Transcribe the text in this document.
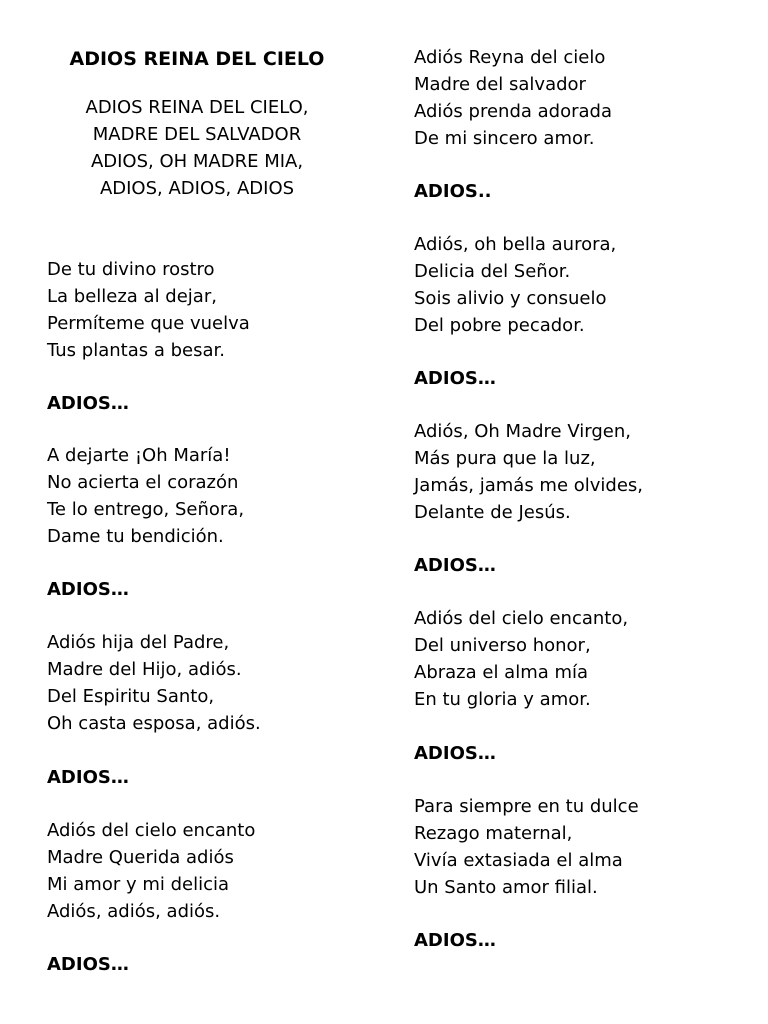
ADIOS REINA DEL CIELO
ADIOS REINA DEL CIELO,
MADRE DEL SALVADOR
ADIOS, OH MADRE MIA,
ADIOS, ADIOS, ADIOS
De tu divino rostro
La belleza al dejar,
Permíteme que vuelva
Tus plantas a besar.
ADIOS…
A dejarte ¡Oh María!
No acierta el corazón
Te lo entrego, Señora,
Dame tu bendición.
ADIOS…
Adiós hija del Padre,
Madre del Hijo, adiós.
Del Espiritu Santo,
Oh casta esposa, adiós.
ADIOS…
Adiós del cielo encanto
Madre Querida adiós
Mi amor y mi delicia
Adiós, adiós, adiós.
ADIOS…
Adiós Reyna del cielo
Madre del salvador
Adiós prenda adorada
De mi sincero amor.
ADIOS..
Adiós, oh bella aurora,
Delicia del Señor.
Sois alivio y consuelo
Del pobre pecador.
ADIOS…
Adiós, Oh Madre Virgen,
Más pura que la luz,
Jamás, jamás me olvides,
Delante de Jesús.
ADIOS…
Adiós del cielo encanto,
Del universo honor,
Abraza el alma mía
En tu gloria y amor.
ADIOS…
Para siempre en tu dulce
Rezago maternal,
Vivía extasiada el alma
Un Santo amor filial.
ADIOS…
